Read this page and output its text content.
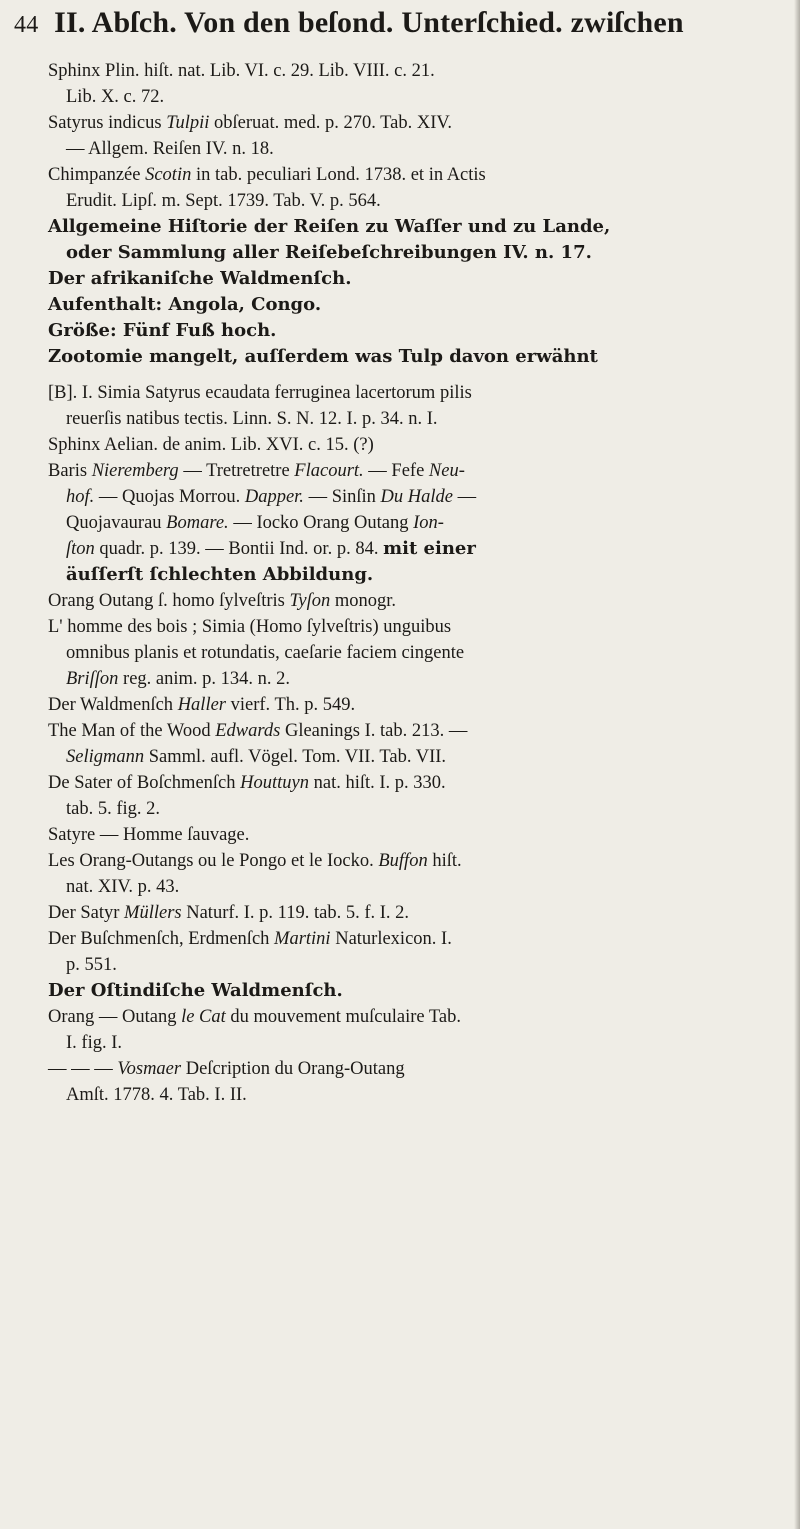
44 II. Abſch. Von den beſond. Unterſchied. zwiſchen
Sphinx Plin. hiſt. nat. Lib. VI. c. 29. Lib. VIII. c. 21.
Lib. X. c. 72.
Satyrus indicus Tulpii obſeruat. med. p. 270. Tab. XIV.
— Allgem. Reiſen IV. n. 18.
Chimpanzée Scotin in tab. peculiari Lond. 1738. et in Actis
Erudit. Lipſ. m. Sept. 1739. Tab. V. p. 564.
Allgemeine Hiſtorie der Reiſen zu Waſſer und zu Lande,
oder Sammlung aller Reiſebeſchreibungen IV. n. 17.
Der afrikaniſche Waldmenſch.
Aufenthalt: Angola, Congo.
Größe: Fünf Fuß hoch.
Zootomie mangelt, auſſerdem was Tulp davon erwähnt
[B]. I. Simia Satyrus ecaudata ferruginea lacertorum pilis
reuerſis natibus tectis. Linn. S. N. 12. I. p. 34. n. I.
Sphinx Aelian. de anim. Lib. XVI. c. 15. (?)
Baris Nieremberg — Tretretretre Flacourt. — Fefe Neu-
hof. — Quojas Morrou. Dapper. — Sinſin Du Halde —
Quojavaurau Bomare. — Iocko Orang Outang Ion-
ſton quadr. p. 139. — Bontii Ind. or. p. 84. mit einer
äuſſerſt ſchlechten Abbildung.
Orang Outang ſ. homo ſylveſtris Tyſon monogr.
L' homme des bois ; Simia (Homo ſylveſtris) unguibus
omnibus planis et rotundatis, caeſarie faciem cingente
Briſſon reg. anim. p. 134. n. 2.
Der Waldmenſch Haller vierf. Th. p. 549.
The Man of the Wood Edwards Gleanings I. tab. 213. —
Seligmann Samml. aufl. Vögel. Tom. VII. Tab. VII.
De Sater of Boſchmenſch Houttuyn nat. hiſt. I. p. 330.
tab. 5. fig. 2.
Satyre — Homme ſauvage.
Les Orang-Outangs ou le Pongo et le Iocko. Buffon hiſt.
nat. XIV. p. 43.
Der Satyr Müllers Naturf. I. p. 119. tab. 5. f. I. 2.
Der Buſchmenſch, Erdmenſch Martini Naturlexicon. I.
p. 551.
Der Oſtindiſche Waldmenſch.
Orang — Outang le Cat du mouvement muſculaire Tab.
I. fig. I.
— — — Vosmaer Deſcription du Orang-Outang
Amſt. 1778. 4. Tab. I. II.
